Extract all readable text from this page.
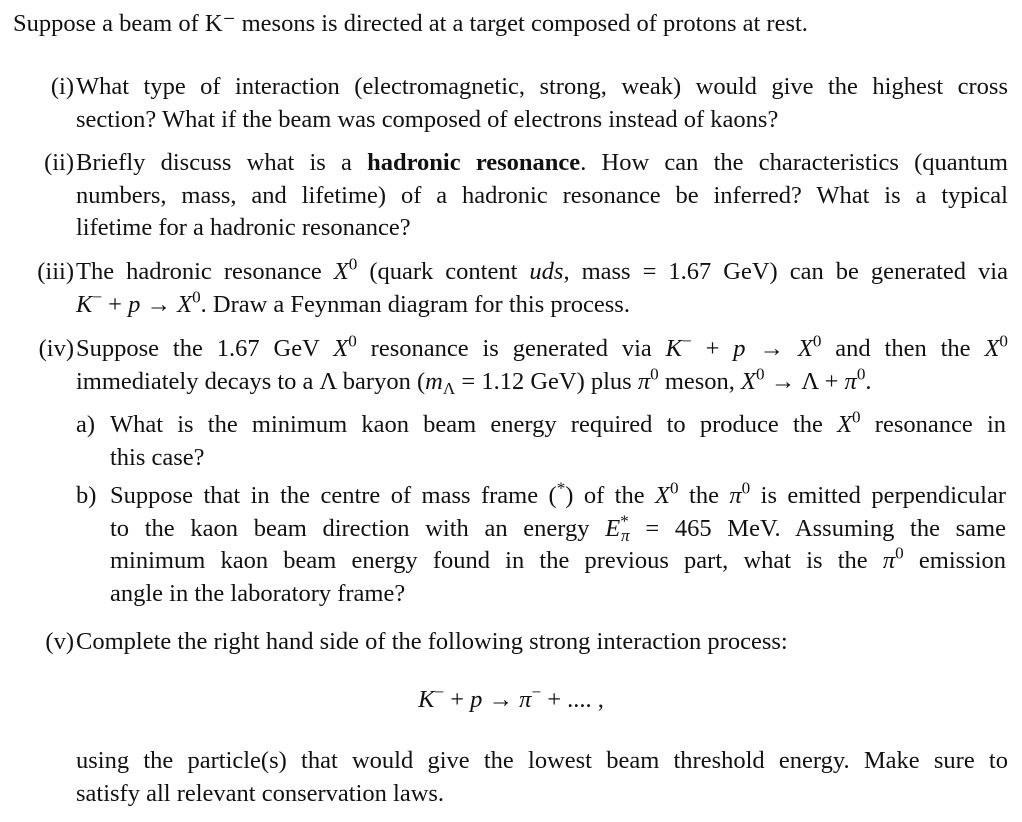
Suppose a beam of K⁻ mesons is directed at a target composed of protons at rest.
(i) What type of interaction (electromagnetic, strong, weak) would give the highest cross
section? What if the beam was composed of electrons instead of kaons?
(ii) Briefly discuss what is a hadronic resonance. How can the characteristics (quantum
numbers, mass, and lifetime) of a hadronic resonance be inferred? What is a typical
lifetime for a hadronic resonance?
(iii) The hadronic resonance $X^0$ (quark content uds, mass = 1.67 GeV) can be generated via
$K^- + p \to X^0$. Draw a Feynman diagram for this process.
(iv) Suppose the 1.67 GeV $X^0$ resonance is generated via $K^- + p \to X^0$ and then the $X^0$
immediately decays to a Λ baryon ($m_\Lambda = 1.12$ GeV) plus $\pi^0$ meson, $X^0 \to \Lambda + \pi^0$.
a) What is the minimum kaon beam energy required to produce the $X^0$ resonance in
this case?
b) Suppose that in the centre of mass frame (*) of the $X^0$ the $\pi^0$ is emitted perpendicular
to the kaon beam direction with an energy $E^*_\pi = 465$ MeV. Assuming the same
minimum kaon beam energy found in the previous part, what is the $\pi^0$ emission
angle in the laboratory frame?
(v) Complete the right hand side of the following strong interaction process:
K− + p → π− + .... ,
using the particle(s) that would give the lowest beam threshold energy. Make sure to
satisfy all relevant conservation laws.
